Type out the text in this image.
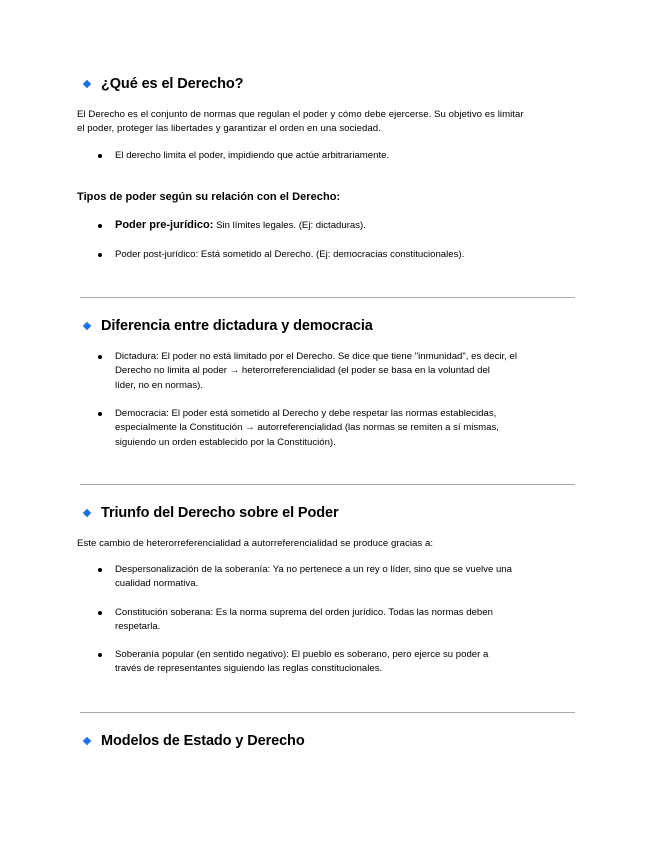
¿Qué es el Derecho?
El Derecho es el conjunto de normas que regulan el poder y cómo debe ejercerse. Su objetivo es limitar
el poder, proteger las libertades y garantizar el orden en una sociedad.
El derecho limita el poder, impidiendo que actúe arbitrariamente.
Tipos de poder según su relación con el Derecho:
Poder pre-jurídico: Sin límites legales. (Ej: dictaduras).
Poder post-jurídico: Está sometido al Derecho. (Ej: democracias constitucionales).
Diferencia entre dictadura y democracia
Dictadura: El poder no está limitado por el Derecho. Se dice que tiene "inmunidad", es decir, el
Derecho no limita al poder → heterorreferencialidad (el poder se basa en la voluntad del
líder, no en normas).
Democracia: El poder está sometido al Derecho y debe respetar las normas establecidas,
especialmente la Constitución → autorreferencialidad (las normas se remiten a sí mismas,
siguiendo un orden establecido por la Constitución).
Triunfo del Derecho sobre el Poder
Este cambio de heterorreferencialidad a autorreferencialidad se produce gracias a:
Despersonalización de la soberanía: Ya no pertenece a un rey o líder, sino que se vuelve una
cualidad normativa.
Constitución soberana: Es la norma suprema del orden jurídico. Todas las normas deben
respetarla.
Soberanía popular (en sentido negativo): El pueblo es soberano, pero ejerce su poder a
través de representantes siguiendo las reglas constitucionales.
Modelos de Estado y Derecho
